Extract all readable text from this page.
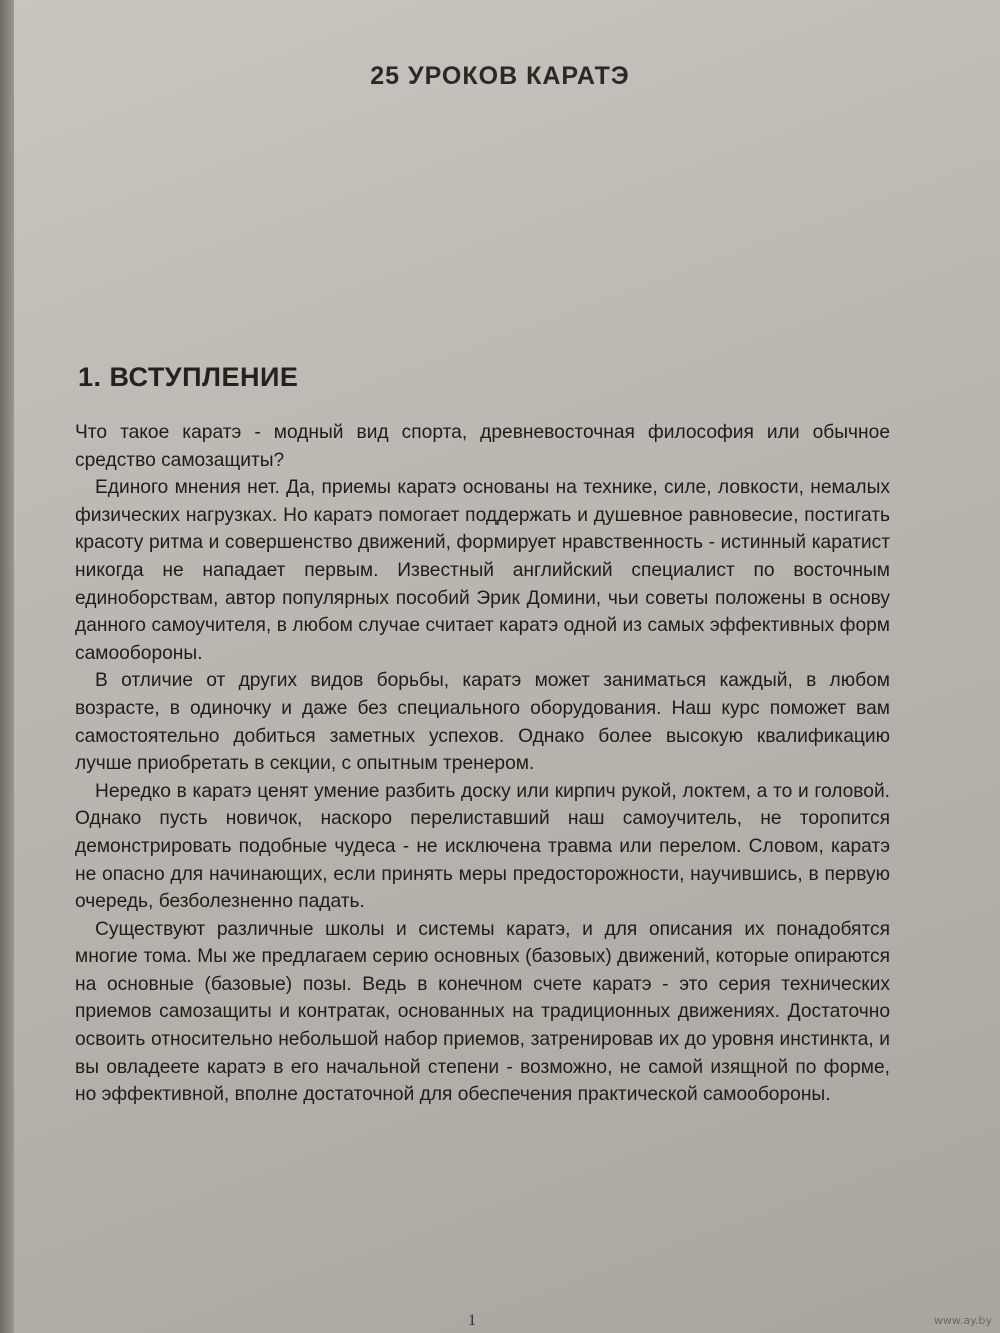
25 УРОКОВ КАРАТЭ
1. ВСТУПЛЕНИЕ

Что такое каратэ - модный вид спорта, древневосточная философия или обычное средство самозащиты?

Единого мнения нет. Да, приемы каратэ основаны на технике, силе, ловкости, немалых физических нагрузках. Но каратэ помогает поддержать и душевное равновесие, постигать красоту ритма и совершенство движений, формирует нравственность - истинный каратист никогда не нападает первым. Известный английский специалист по восточным единоборствам, автор популярных пособий Эрик Домини, чьи советы положены в основу данного самоучителя, в любом случае считает каратэ одной из самых эффективных форм самообороны.

В отличие от других видов борьбы, каратэ может заниматься каждый, в любом возрасте, в одиночку и даже без специального оборудования. Наш курс поможет вам самостоятельно добиться заметных успехов. Однако более высокую квалификацию лучше приобретать в секции, с опытным тренером.

Нередко в каратэ ценят умение разбить доску или кирпич рукой, локтем, а то и головой. Однако пусть новичок, наскоро перелиставший наш самоучитель, не торопится демонстрировать подобные чудеса - не исключена травма или перелом. Словом, каратэ не опасно для начинающих, если принять меры предосторожности, научившись, в первую очередь, безболезненно падать.

Существуют различные школы и системы каратэ, и для описания их понадобятся многие тома. Мы же предлагаем серию основных (базовых) движений, которые опираются на основные (базовые) позы. Ведь в конечном счете каратэ - это серия технических приемов самозащиты и контратак, основанных на традиционных движениях. Достаточно освоить относительно небольшой набор приемов, затренировав их до уровня инстинкта, и вы овладеете каратэ в его начальной степени - возможно, не самой изящной по форме, но эффективной, вполне достаточной для обеспечения практической самообороны.

1	www.ay.by
